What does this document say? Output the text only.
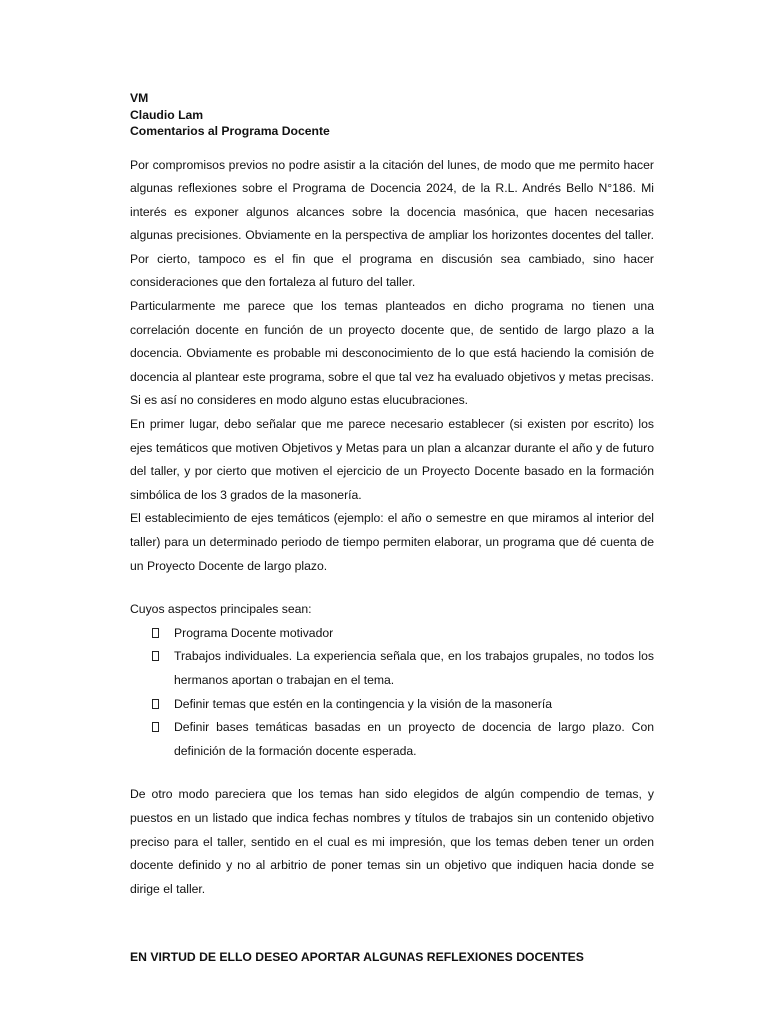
VM

Claudio Lam

Comentarios al Programa Docente

Por compromisos previos no podre asistir a la citación del lunes, de modo que me permito hacer algunas reflexiones sobre el Programa de Docencia 2024, de la R.L. Andrés Bello N°186. Mi interés es exponer algunos alcances sobre la docencia masónica, que hacen necesarias algunas precisiones. Obviamente en la perspectiva de ampliar los horizontes docentes del taller. Por cierto, tampoco es el fin que el programa en discusión sea cambiado, sino hacer consideraciones que den fortaleza al futuro del taller.

Particularmente me parece que los temas planteados en dicho programa no tienen una correlación docente en función de un proyecto docente que, de sentido de largo plazo a la docencia. Obviamente es probable mi desconocimiento de lo que está haciendo la comisión de docencia al plantear este programa, sobre el que tal vez ha evaluado objetivos y metas precisas. Si es así no consideres en modo alguno estas elucubraciones.

En primer lugar, debo señalar que me parece necesario establecer (si existen por escrito) los ejes temáticos que motiven Objetivos y Metas para un plan a alcanzar durante el año y de futuro del taller, y por cierto que motiven el ejercicio de un Proyecto Docente basado en la formación simbólica de los 3 grados de la masonería.

El establecimiento de ejes temáticos (ejemplo: el año o semestre en que miramos al interior del taller) para un determinado periodo de tiempo permiten elaborar, un programa que dé cuenta de un Proyecto Docente de largo plazo.

Cuyos aspectos principales sean:

Programa Docente motivador
Trabajos individuales. La experiencia señala que, en los trabajos grupales, no todos los hermanos aportan o trabajan en el tema.
Definir temas que estén en la contingencia y la visión de la masonería
Definir bases temáticas basadas en un proyecto de docencia de largo plazo. Con definición de la formación docente esperada.

De otro modo pareciera que los temas han sido elegidos de algún compendio de temas, y puestos en un listado que indica fechas nombres y títulos de trabajos sin un contenido objetivo preciso para el taller, sentido en el cual es mi impresión, que los temas deben tener un orden docente definido y no al arbitrio de poner temas sin un objetivo que indiquen hacia donde se dirige el taller.

EN VIRTUD DE ELLO DESEO APORTAR ALGUNAS REFLEXIONES DOCENTES
